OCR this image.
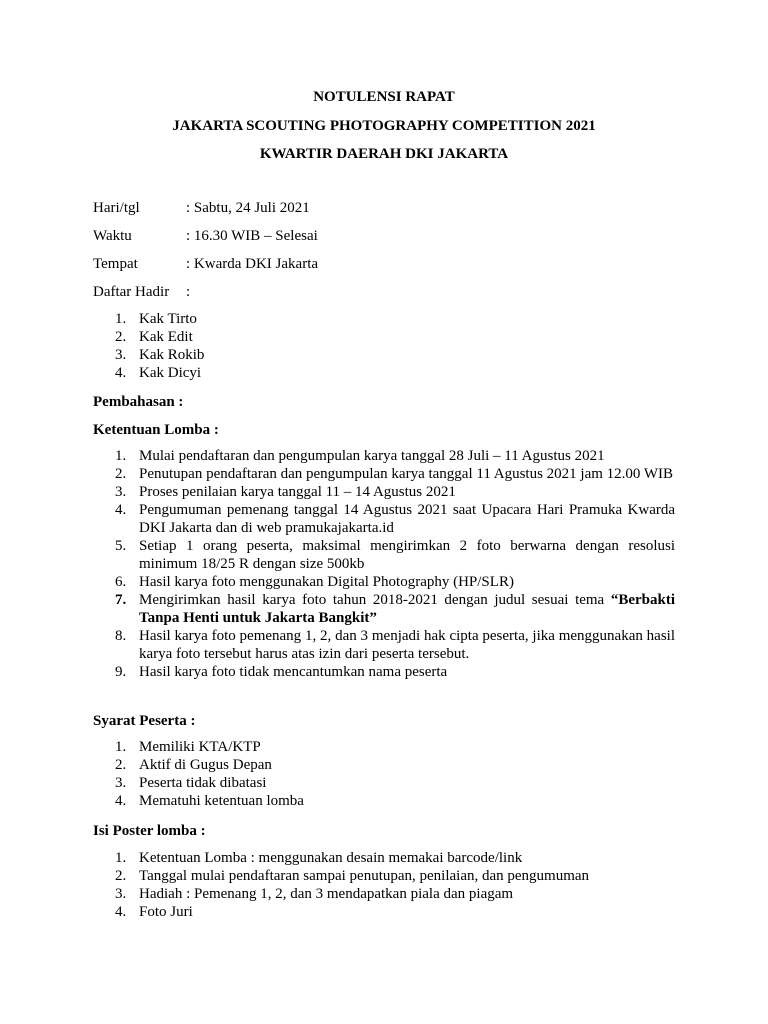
NOTULENSI RAPAT
JAKARTA SCOUTING PHOTOGRAPHY COMPETITION 2021
KWARTIR DAERAH DKI JAKARTA
Hari/tgl	: Sabtu, 24 Juli 2021
Waktu	: 16.30 WIB – Selesai
Tempat	: Kwarda DKI Jakarta
Daftar Hadir :
1. Kak Tirto
2. Kak Edit
3. Kak Rokib
4. Kak Dicyi
Pembahasan :
Ketentuan Lomba :
1. Mulai pendaftaran dan pengumpulan karya tanggal 28 Juli – 11 Agustus 2021
2. Penutupan pendaftaran dan pengumpulan karya tanggal 11 Agustus 2021 jam 12.00 WIB
3. Proses penilaian karya tanggal 11 – 14 Agustus 2021
4. Pengumuman pemenang tanggal 14 Agustus 2021 saat Upacara Hari Pramuka Kwarda DKI Jakarta dan di web pramukajakarta.id
5. Setiap 1 orang peserta, maksimal mengirimkan 2 foto berwarna dengan resolusi minimum 18/25 R dengan size 500kb
6. Hasil karya foto menggunakan Digital Photography (HP/SLR)
7. Mengirimkan hasil karya foto tahun 2018-2021 dengan judul sesuai tema “Berbakti Tanpa Henti untuk Jakarta Bangkit”
8. Hasil karya foto pemenang 1, 2, dan 3 menjadi hak cipta peserta, jika menggunakan hasil karya foto tersebut harus atas izin dari peserta tersebut.
9. Hasil karya foto tidak mencantumkan nama peserta
Syarat Peserta :
1. Memiliki KTA/KTP
2. Aktif di Gugus Depan
3. Peserta tidak dibatasi
4. Mematuhi ketentuan lomba
Isi Poster lomba :
1. Ketentuan Lomba : menggunakan desain memakai barcode/link
2. Tanggal mulai pendaftaran sampai penutupan, penilaian, dan pengumuman
3. Hadiah : Pemenang 1, 2, dan 3 mendapatkan piala dan piagam
4. Foto Juri
